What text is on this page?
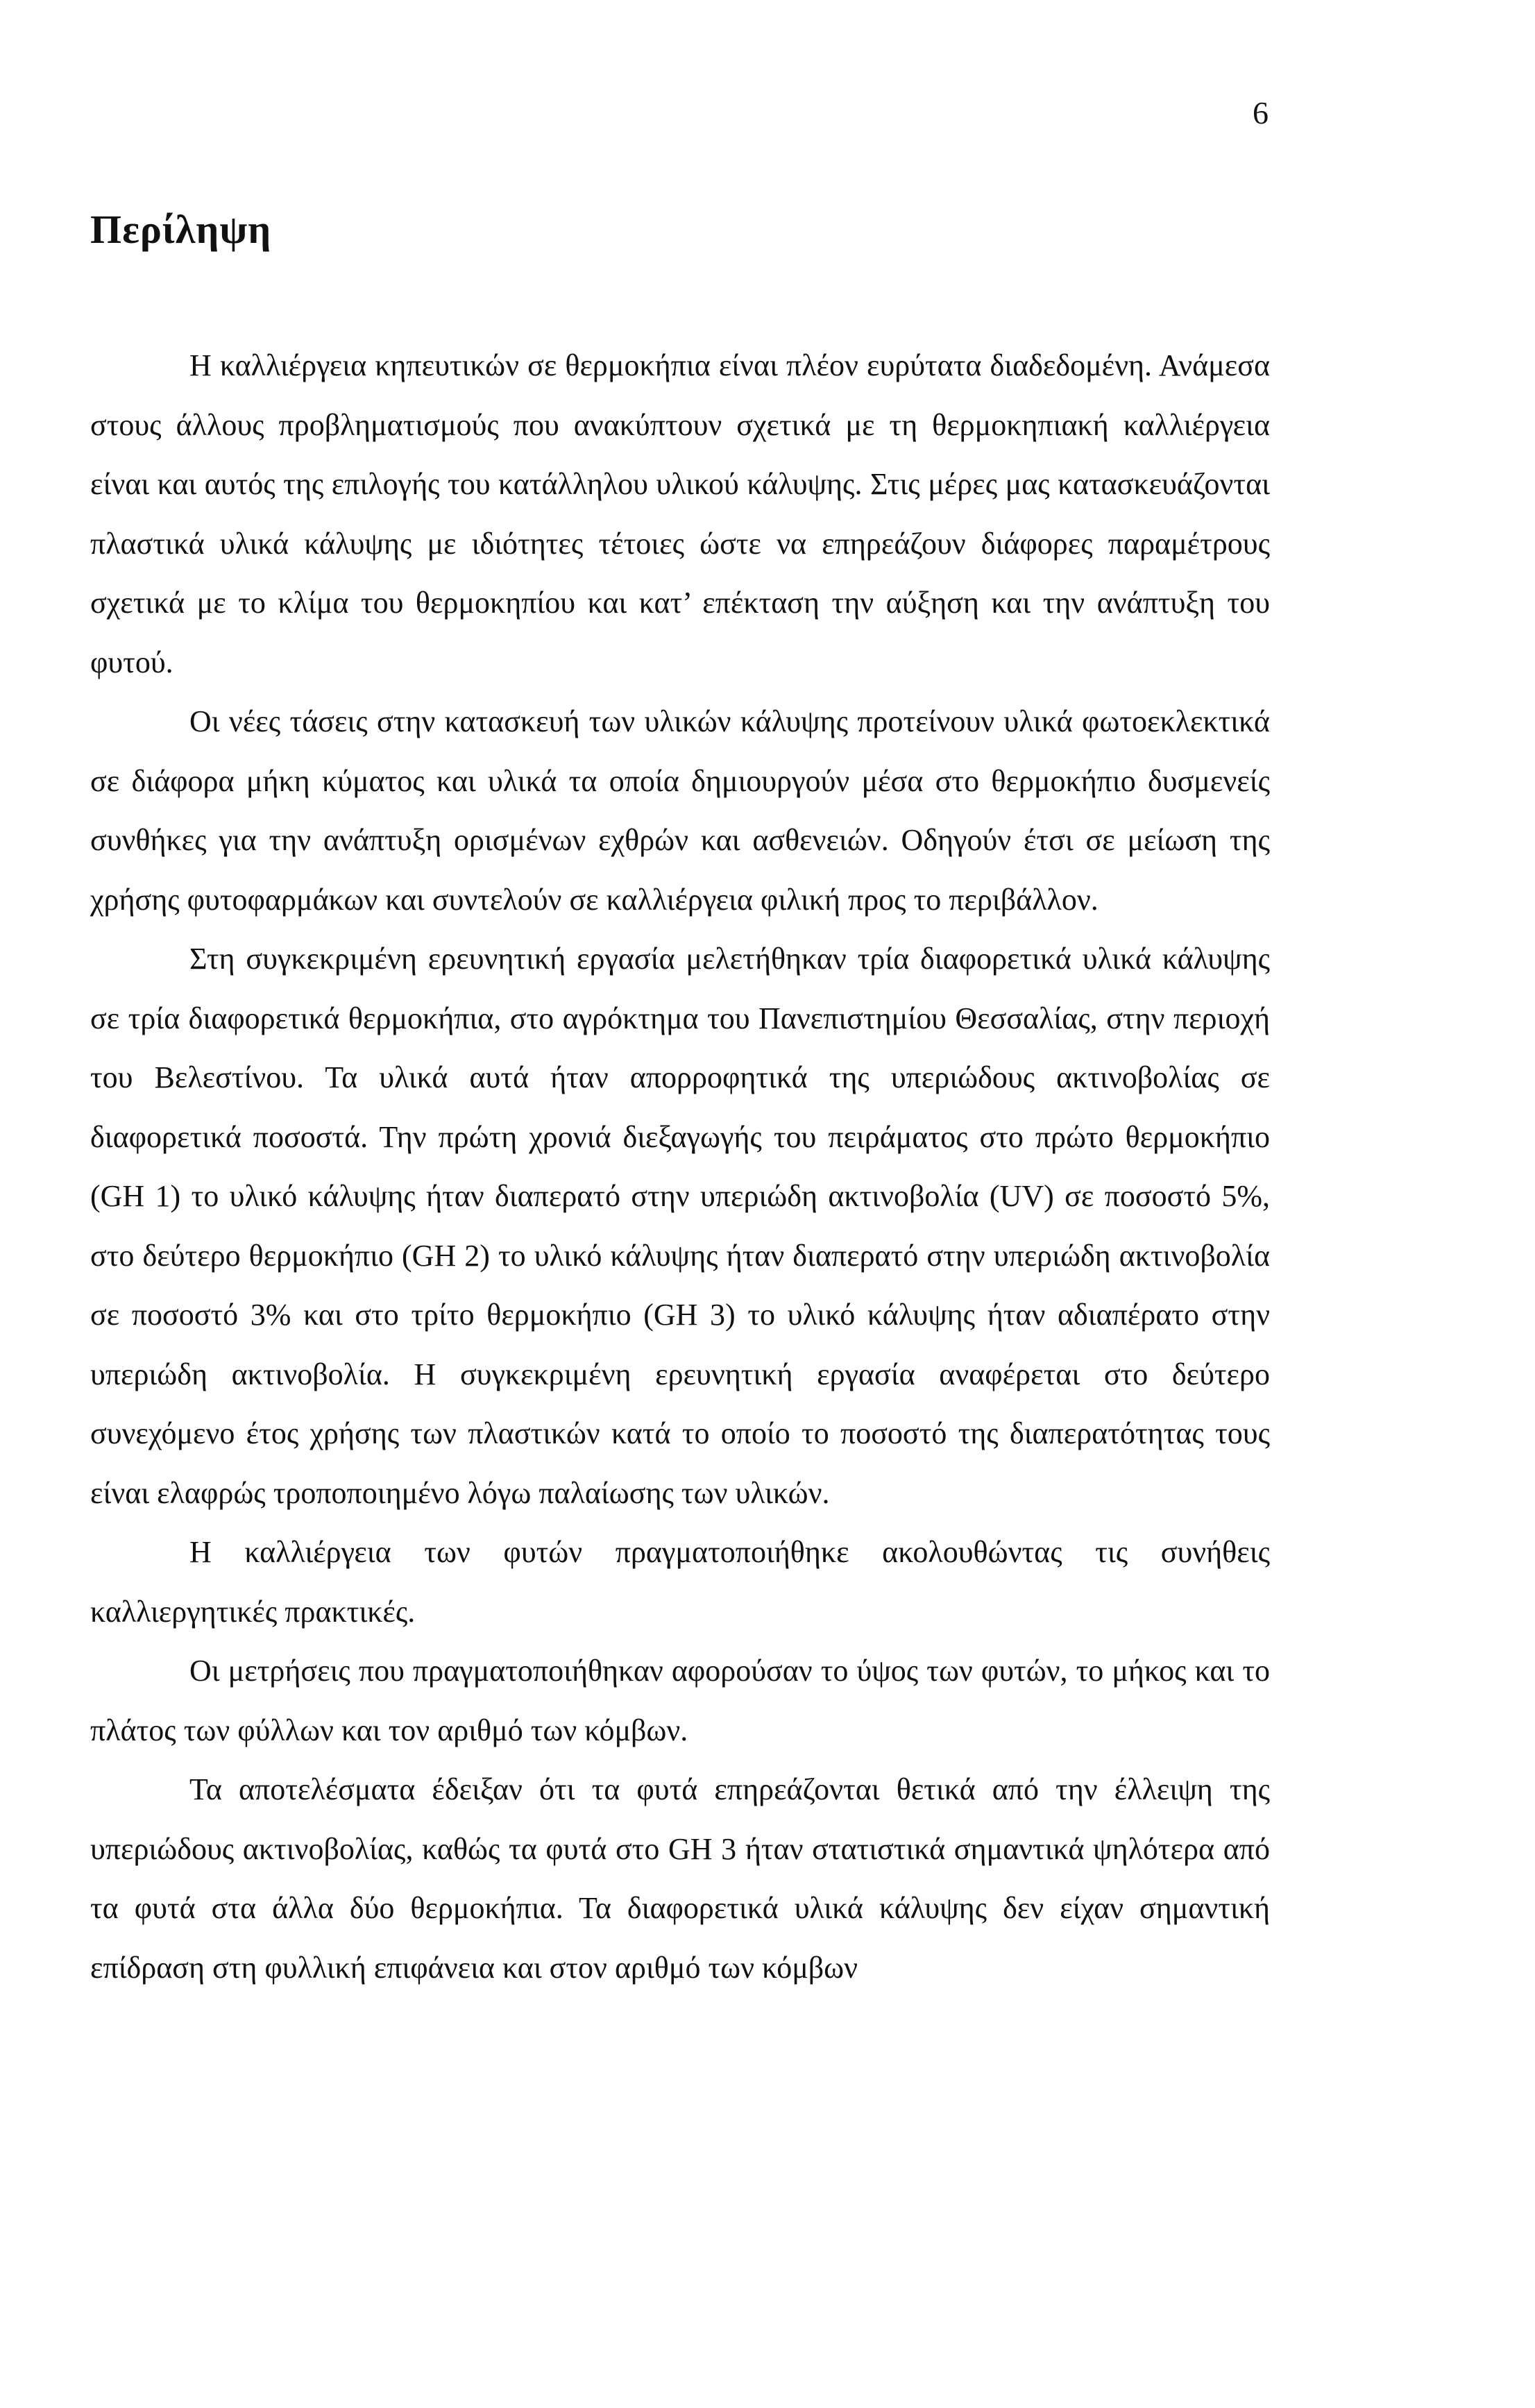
6
Περίληψη

Η καλλιέργεια κηπευτικών σε θερμοκήπια είναι πλέον ευρύτατα διαδεδομένη. Ανάμεσα στους άλλους προβληματισμούς που ανακύπτουν σχετικά με τη θερμοκηπιακή καλλιέργεια είναι και αυτός της επιλογής του κατάλληλου υλικού κάλυψης. Στις μέρες μας κατασκευάζονται πλαστικά υλικά κάλυψης με ιδιότητες τέτοιες ώστε να επηρεάζουν διάφορες παραμέτρους σχετικά με το κλίμα του θερμοκηπίου και κατ’ επέκταση την αύξηση και την ανάπτυξη του φυτού.

Οι νέες τάσεις στην κατασκευή των υλικών κάλυψης προτείνουν υλικά φωτοεκλεκτικά σε διάφορα μήκη κύματος και υλικά τα οποία δημιουργούν μέσα στο θερμοκήπιο δυσμενείς συνθήκες για την ανάπτυξη ορισμένων εχθρών και ασθενειών. Οδηγούν έτσι σε μείωση της χρήσης φυτοφαρμάκων και συντελούν σε καλλιέργεια φιλική προς το περιβάλλον.

Στη συγκεκριμένη ερευνητική εργασία μελετήθηκαν τρία διαφορετικά υλικά κάλυψης σε τρία διαφορετικά θερμοκήπια, στο αγρόκτημα του Πανεπιστημίου Θεσσαλίας, στην περιοχή του Βελεστίνου. Τα υλικά αυτά ήταν απορροφητικά της υπεριώδους ακτινοβολίας σε διαφορετικά ποσοστά. Την πρώτη χρονιά διεξαγωγής του πειράματος στο πρώτο θερμοκήπιο (GH 1) το υλικό κάλυψης ήταν διαπερατό στην υπεριώδη ακτινοβολία (UV) σε ποσοστό 5%, στο δεύτερο θερμοκήπιο (GH 2) το υλικό κάλυψης ήταν διαπερατό στην υπεριώδη ακτινοβολία σε ποσοστό 3% και στο τρίτο θερμοκήπιο (GH 3) το υλικό κάλυψης ήταν αδιαπέρατο στην υπεριώδη ακτινοβολία. Η συγκεκριμένη ερευνητική εργασία αναφέρεται στο δεύτερο συνεχόμενο έτος χρήσης των πλαστικών κατά το οποίο το ποσοστό της διαπερατότητας τους είναι ελαφρώς τροποποιημένο λόγω παλαίωσης των υλικών.

Η καλλιέργεια των φυτών πραγματοποιήθηκε ακολουθώντας τις συνήθεις καλλιεργητικές πρακτικές.

Οι μετρήσεις που πραγματοποιήθηκαν αφορούσαν το ύψος των φυτών, το μήκος και το πλάτος των φύλλων και τον αριθμό των κόμβων.

Τα αποτελέσματα έδειξαν ότι τα φυτά επηρεάζονται θετικά από την έλλειψη της υπεριώδους ακτινοβολίας, καθώς τα φυτά στο GH 3 ήταν στατιστικά σημαντικά ψηλότερα από τα φυτά στα άλλα δύο θερμοκήπια. Τα διαφορετικά υλικά κάλυψης δεν είχαν σημαντική επίδραση στη φυλλική επιφάνεια και στον αριθμό των κόμβων
